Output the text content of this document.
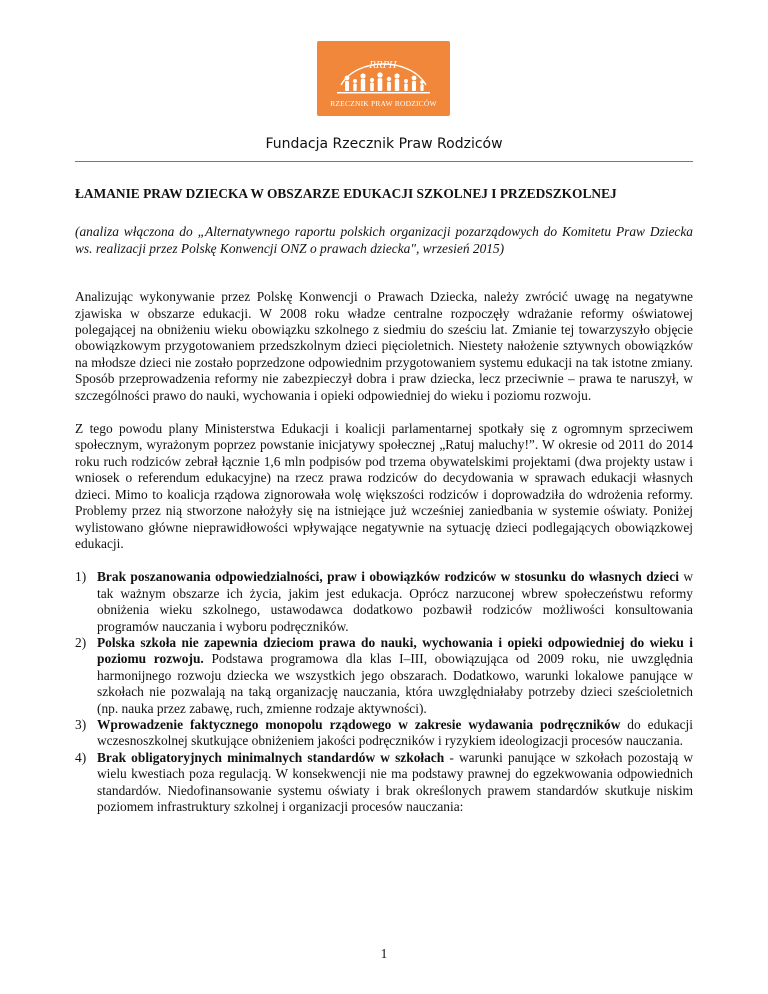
RRPH
RZECZNIK PRAW RODZICÓW
Fundacja Rzecznik Praw Rodziców

ŁAMANIE PRAW DZIECKA W OBSZARZE EDUKACJI SZKOLNEJ I PRZEDSZKOLNEJ

(analiza włączona do „Alternatywnego raportu polskich organizacji pozarządowych do Komitetu Praw Dziecka ws. realizacji przez Polskę Konwencji ONZ o prawach dziecka", wrzesień 2015)

Analizując wykonywanie przez Polskę Konwencji o Prawach Dziecka, należy zwrócić uwagę na negatywne zjawiska w obszarze edukacji. W 2008 roku władze centralne rozpoczęły wdrażanie reformy oświatowej polegającej na obniżeniu wieku obowiązku szkolnego z siedmiu do sześciu lat. Zmianie tej towarzyszyło objęcie obowiązkowym przygotowaniem przedszkolnym dzieci pięcioletnich. Niestety nałożenie sztywnych obowiązków na młodsze dzieci nie zostało poprzedzone odpowiednim przygotowaniem systemu edukacji na tak istotne zmiany. Sposób przeprowadzenia reformy nie zabezpieczył dobra i praw dziecka, lecz przeciwnie – prawa te naruszył, w szczególności prawo do nauki, wychowania i opieki odpowiedniej do wieku i poziomu rozwoju.

Z tego powodu plany Ministerstwa Edukacji i koalicji parlamentarnej spotkały się z ogromnym sprzeciwem społecznym, wyrażonym poprzez powstanie inicjatywy społecznej „Ratuj maluchy!”. W okresie od 2011 do 2014 roku ruch rodziców zebrał łącznie 1,6 mln podpisów pod trzema obywatelskimi projektami (dwa projekty ustaw i wniosek o referendum edukacyjne) na rzecz prawa rodziców do decydowania w sprawach edukacji własnych dzieci. Mimo to koalicja rządowa zignorowała wolę większości rodziców i doprowadziła do wdrożenia reformy. Problemy przez nią stworzone nałożyły się na istniejące już wcześniej zaniedbania w systemie oświaty. Poniżej wylistowano główne nieprawidłowości wpływające negatywnie na sytuację dzieci podlegających obowiązkowej edukacji.

1) Brak poszanowania odpowiedzialności, praw i obowiązków rodziców w stosunku do własnych dzieci w tak ważnym obszarze ich życia, jakim jest edukacja. Oprócz narzuconej wbrew społeczeństwu reformy obniżenia wieku szkolnego, ustawodawca dodatkowo pozbawił rodziców możliwości konsultowania programów nauczania i wyboru podręczników.
2) Polska szkoła nie zapewnia dzieciom prawa do nauki, wychowania i opieki odpowiedniej do wieku i poziomu rozwoju. Podstawa programowa dla klas I–III, obowiązująca od 2009 roku, nie uwzględnia harmonijnego rozwoju dziecka we wszystkich jego obszarach. Dodatkowo, warunki lokalowe panujące w szkołach nie pozwalają na taką organizację nauczania, która uwzględniałaby potrzeby dzieci sześcioletnich (np. nauka przez zabawę, ruch, zmienne rodzaje aktywności).
3) Wprowadzenie faktycznego monopolu rządowego w zakresie wydawania podręczników do edukacji wczesnoszkolnej skutkujące obniżeniem jakości podręczników i ryzykiem ideologizacji procesów nauczania.
4) Brak obligatoryjnych minimalnych standardów w szkołach - warunki panujące w szkołach pozostają w wielu kwestiach poza regulacją. W konsekwencji nie ma podstawy prawnej do egzekwowania odpowiednich standardów. Niedofinansowanie systemu oświaty i brak określonych prawem standardów skutkuje niskim poziomem infrastruktury szkolnej i organizacji procesów nauczania:
1
